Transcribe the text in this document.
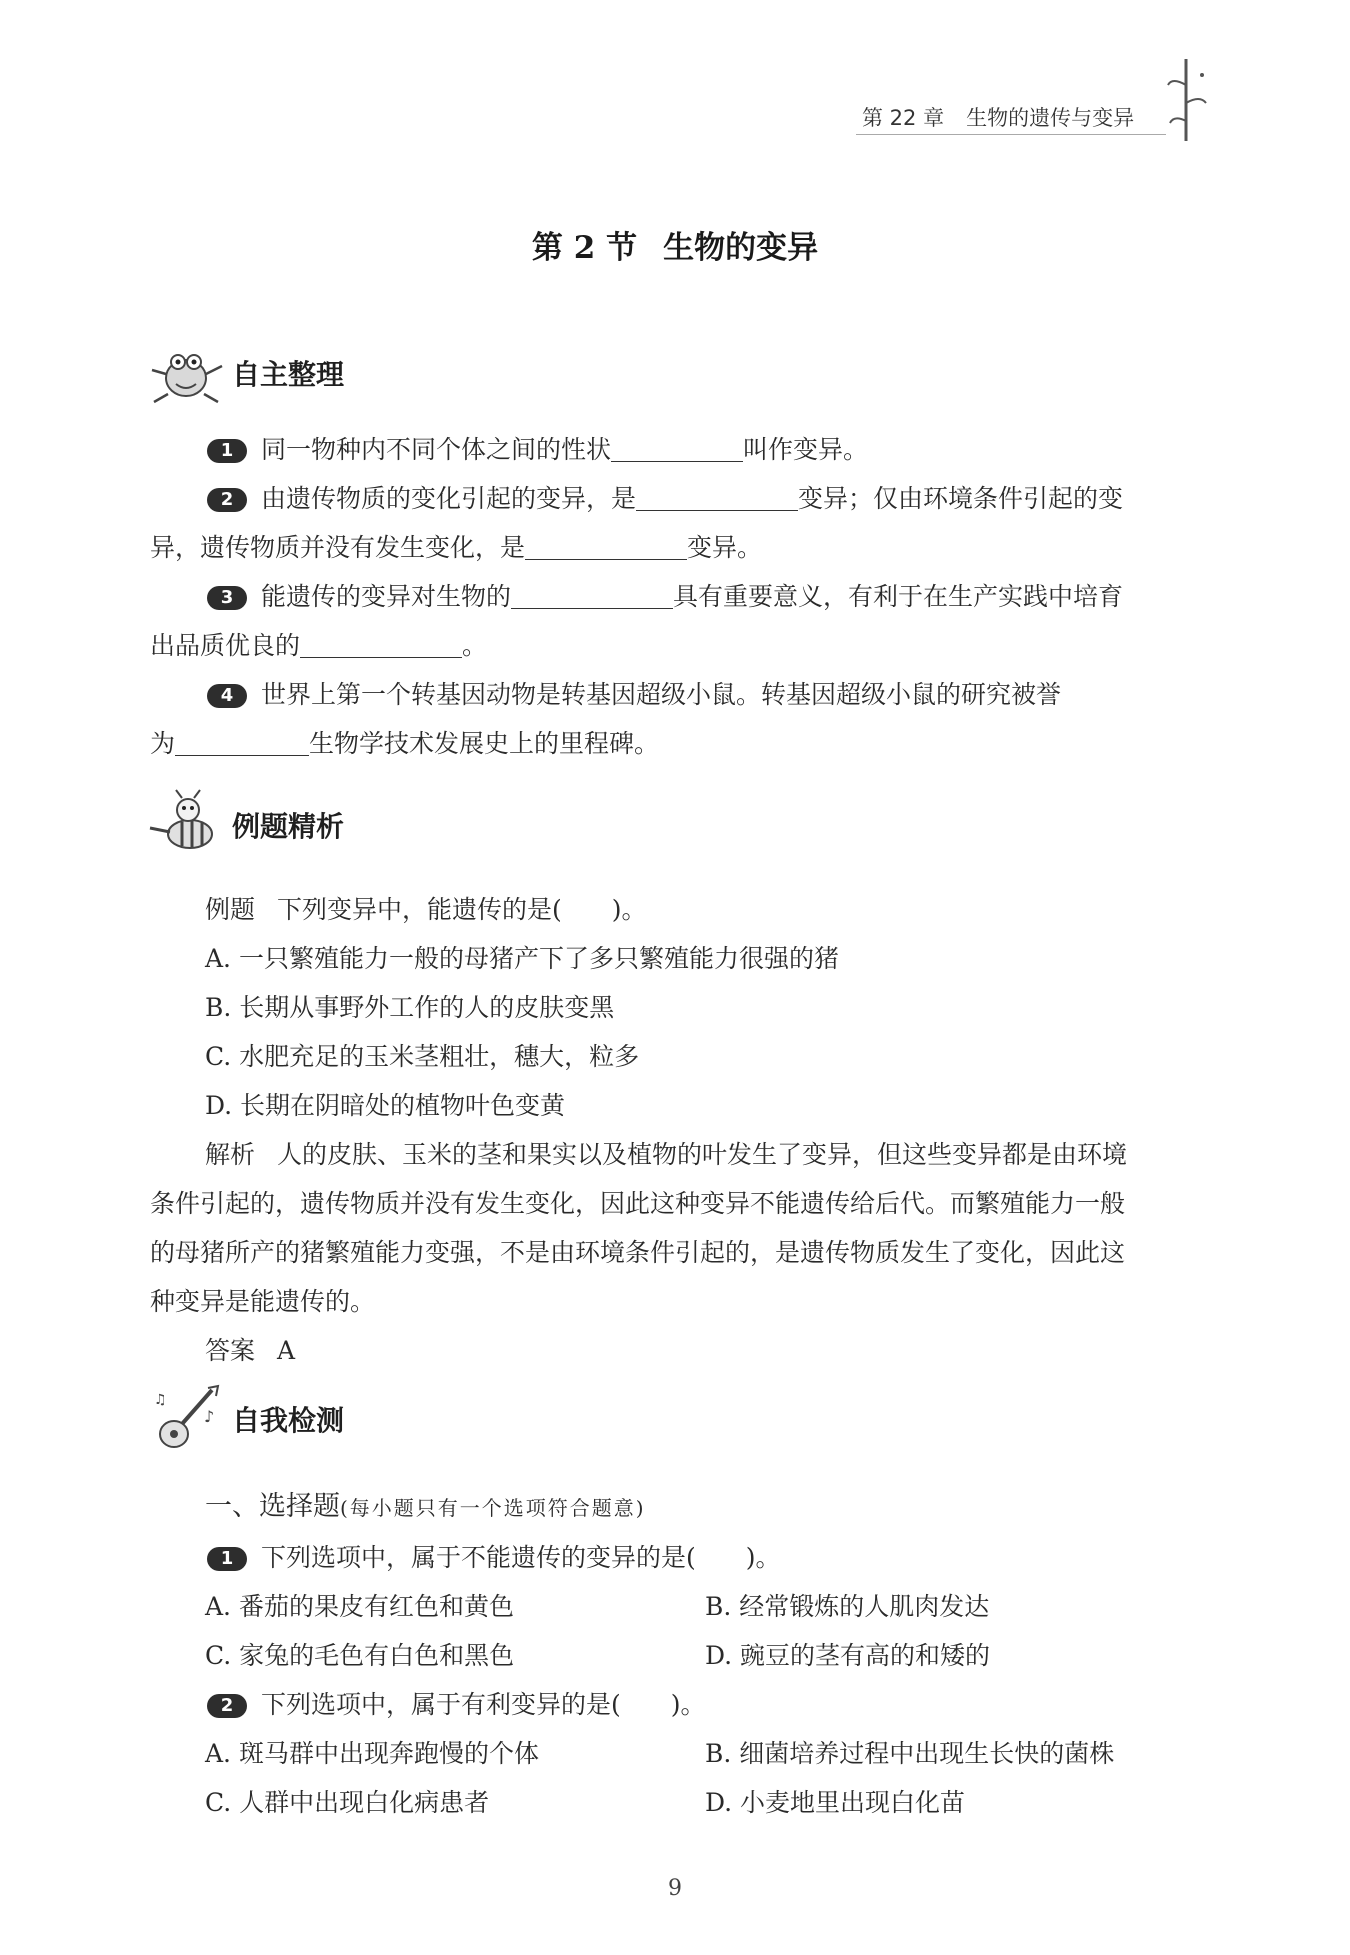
第 22 章 生物的遗传与变异
第 2 节 生物的变异
自主整理
1 同一物种内不同个体之间的性状	叫作变异。
2 由遗传物质的变化引起的变异，是	变异；仅由环境条件引起的变
异，遗传物质并没有发生变化，是	变异。
3 能遗传的变异对生物的	具有重要意义，有利于在生产实践中培育
出品质优良的	。
4 世界上第一个转基因动物是转基因超级小鼠。转基因超级小鼠的研究被誉
为	生物学技术发展史上的里程碑。
例题精析
例题 下列变异中，能遗传的是(　　)。
A. 一只繁殖能力一般的母猪产下了多只繁殖能力很强的猪
B. 长期从事野外工作的人的皮肤变黑
C. 水肥充足的玉米茎粗壮，穗大，粒多
D. 长期在阴暗处的植物叶色变黄
解析 人的皮肤、玉米的茎和果实以及植物的叶发生了变异，但这些变异都是由环境
条件引起的，遗传物质并没有发生变化，因此这种变异不能遗传给后代。而繁殖能力一般
的母猪所产的猪繁殖能力变强，不是由环境条件引起的，是遗传物质发生了变化，因此这
种变异是能遗传的。
答案 A
♪
♫
自我检测
一、选择题(每小题只有一个选项符合题意)
1 下列选项中，属于不能遗传的变异的是(　　)。
A. 番茄的果皮有红色和黄色	B. 经常锻炼的人肌肉发达
C. 家兔的毛色有白色和黑色	D. 豌豆的茎有高的和矮的
2 下列选项中，属于有利变异的是(　　)。
A. 斑马群中出现奔跑慢的个体	B. 细菌培养过程中出现生长快的菌株
C. 人群中出现白化病患者	D. 小麦地里出现白化苗
9
